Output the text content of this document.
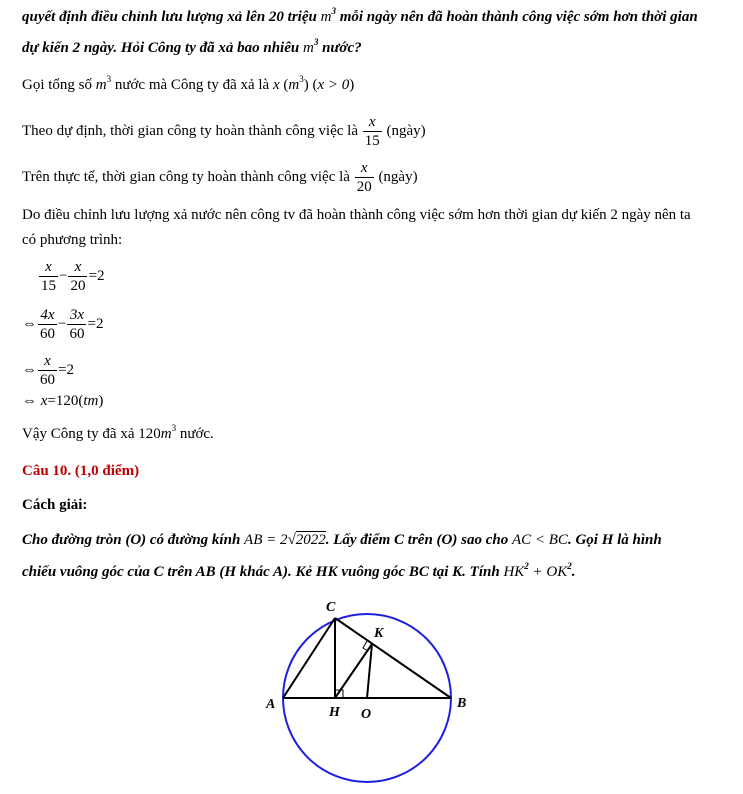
quyết định điều chỉnh lưu lượng xả lên 20 triệu $m^3$ mỗi ngày nên đã hoàn thành công việc sớm hơn thời gian
dự kiến 2 ngày. Hỏi Công ty đã xả bao nhiêu $m^3$ nước?
Gọi tổng số $m^3$ nước mà Công ty đã xả là x $(m^3) (x > 0)$
Theo dự định, thời gian công ty hoàn thành công việc là $\frac{x}{15}$ (ngày)
Trên thực tế, thời gian công ty hoàn thành công việc là $\frac{x}{20}$ (ngày)
Do điều chỉnh lưu lượng xả nước nên công tv đã hoàn thành công việc sớm hơn thời gian dự kiến 2 ngày nên ta
có phương trình:
$\frac{x}{15} - \frac{x}{20} =2$
⇔ $\frac{4x}{60} - \frac{3x}{60} =2$
⇔ $\frac{x}{60} =2$
⇔ x=120(tm)
Vậy Công ty đã xả $120m^3$ nước.
Câu 10. (1,0 điểm)
Cách giải:
Cho đường tròn (O) có đường kính AB = 2√2022. Lấy điểm C trên (O) sao cho AC < BC. Gọi H là hình
chiếu vuông góc của C trên AB (H khác A). Kẻ HK vuông góc BC tại K. Tính $HK^2 + OK^2$.
A	B
C
H O
K
